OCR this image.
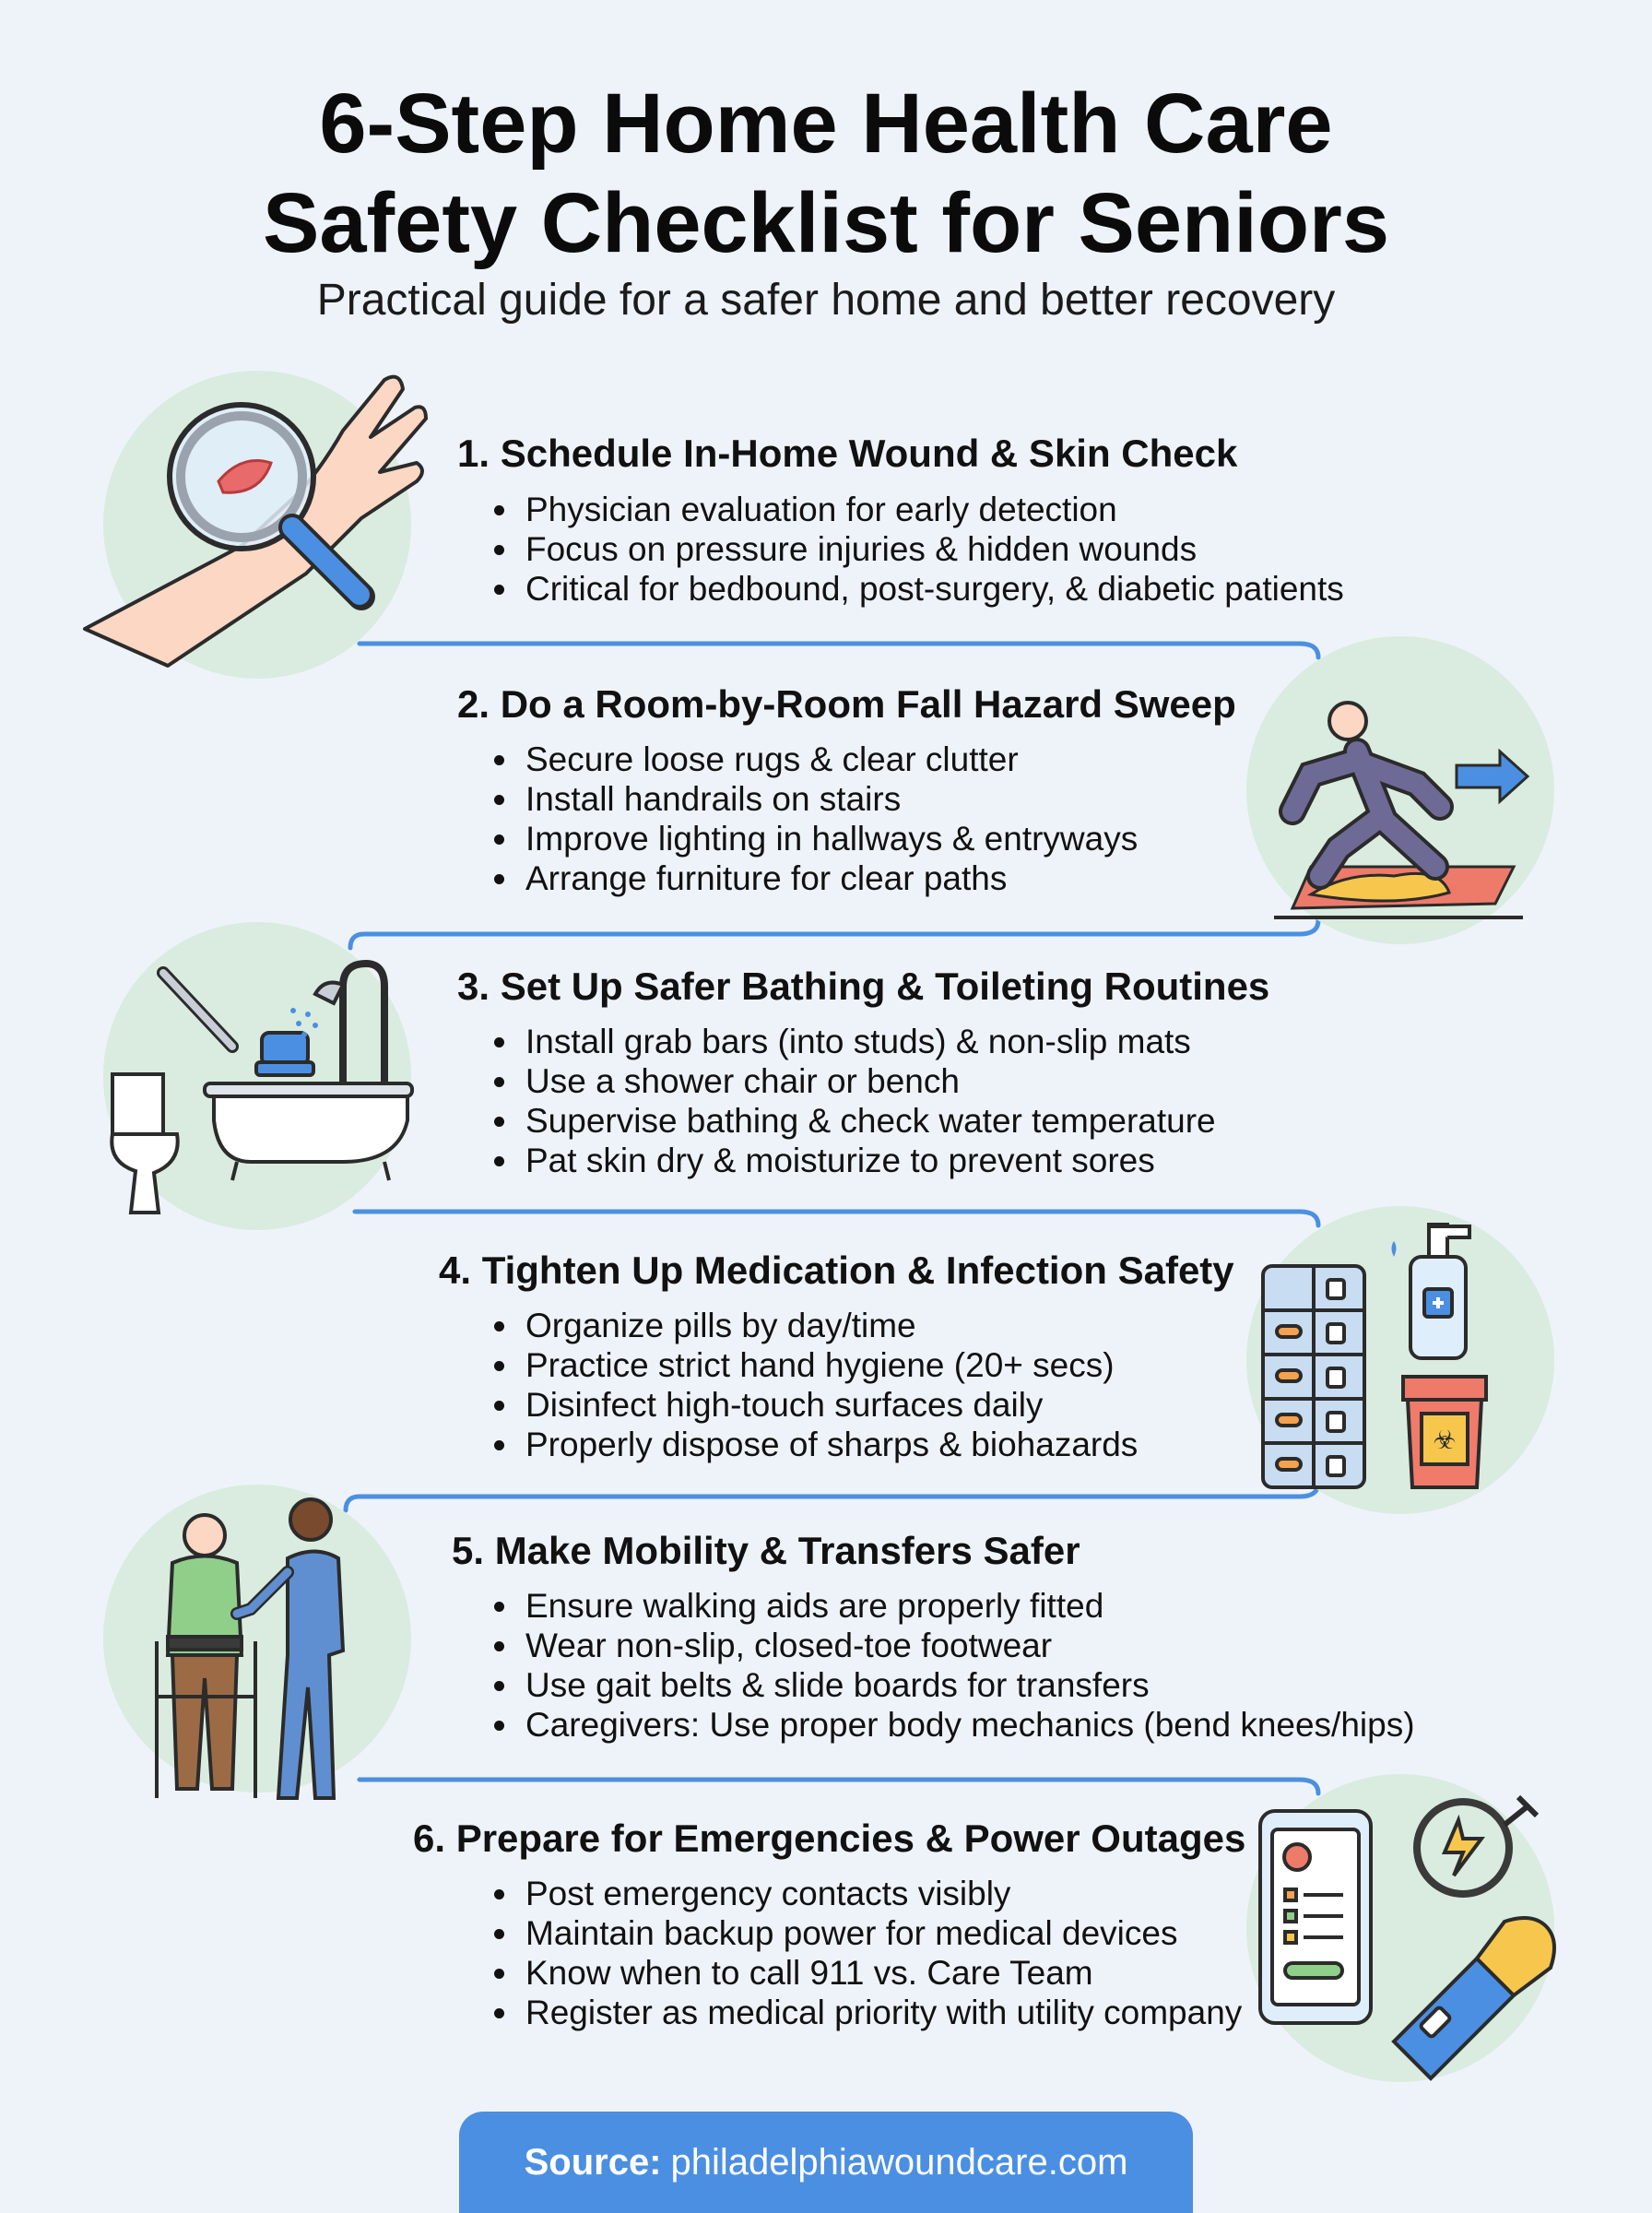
6-Step Home Health Care
Safety Checklist for Seniors
Practical guide for a safer home and better recovery
1. Schedule In-Home Wound & Skin Check
Physician evaluation for early detection
Focus on pressure injuries & hidden wounds
Critical for bedbound, post-surgery, & diabetic patients
2. Do a Room-by-Room Fall Hazard Sweep
Secure loose rugs & clear clutter
Install handrails on stairs
Improve lighting in hallways & entryways
Arrange furniture for clear paths
3. Set Up Safer Bathing & Toileting Routines
Install grab bars (into studs) & non-slip mats
Use a shower chair or bench
Supervise bathing & check water temperature
Pat skin dry & moisturize to prevent sores
☣
4. Tighten Up Medication & Infection Safety
Organize pills by day/time
Practice strict hand hygiene (20+ secs)
Disinfect high-touch surfaces daily
Properly dispose of sharps & biohazards
5. Make Mobility & Transfers Safer
Ensure walking aids are properly fitted
Wear non-slip, closed-toe footwear
Use gait belts & slide boards for transfers
Caregivers: Use proper body mechanics (bend knees/hips)
6. Prepare for Emergencies & Power Outages
Post emergency contacts visibly
Maintain backup power for medical devices
Know when to call 911 vs. Care Team
Register as medical priority with utility company
Source: philadelphiawoundcare.com
